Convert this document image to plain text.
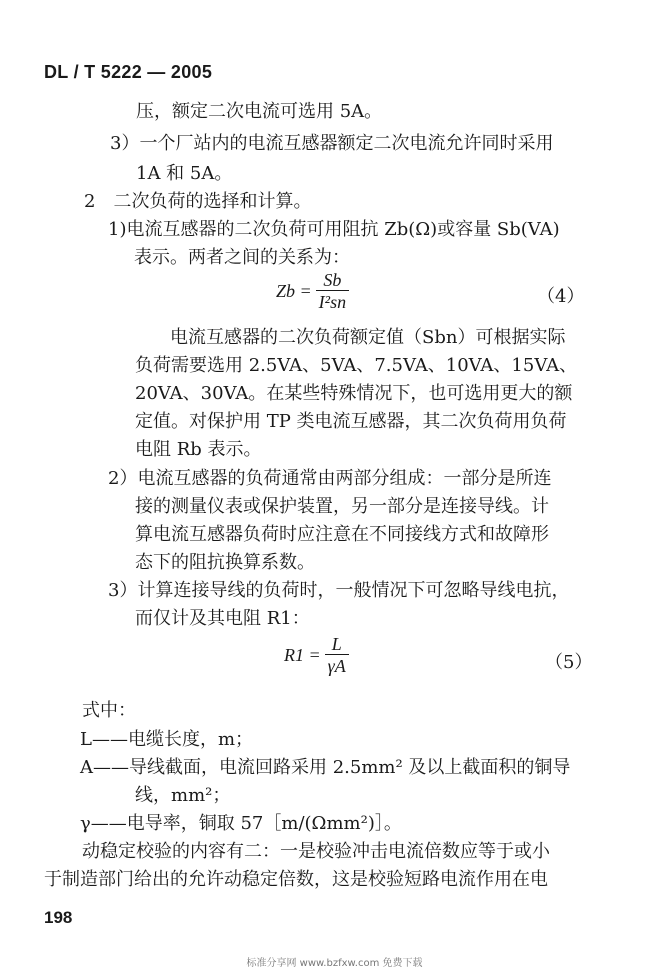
DL / T 5222 — 2005
压，额定二次电流可选用 5A。
3）一个厂站内的电流互感器额定二次电流允许同时采用
1A 和 5A。
2　二次负荷的选择和计算。
1)电流互感器的二次负荷可用阻抗 Zb(Ω)或容量 Sb(VA)
表示。两者之间的关系为：
$Zb = \frac{Sb}{\text{I²sn}}$	（4）
电流互感器的二次负荷额定值（Sbn）可根据实际
负荷需要选用 2.5VA、5VA、7.5VA、10VA、15VA、
20VA、30VA。在某些特殊情况下，也可选用更大的额
定值。对保护用 TP 类电流互感器，其二次负荷用负荷
电阻 Rb 表示。
2）电流互感器的负荷通常由两部分组成：一部分是所连
接的测量仪表或保护装置，另一部分是连接导线。计
算电流互感器负荷时应注意在不同接线方式和故障形
态下的阻抗换算系数。
3）计算连接导线的负荷时，一般情况下可忽略导线电抗，
而仅计及其电阻 R1：
$R1 = \frac{L}{\gamma A}$	（5）
式中：
L——电缆长度，m；
A——导线截面，电流回路采用 2.5mm² 及以上截面积的铜导
线，mm²；
γ——电导率，铜取 57［m/(Ωmm²)］。
动稳定校验的内容有二：一是校验冲击电流倍数应等于或小
于制造部门给出的允许动稳定倍数，这是校验短路电流作用在电
198
标准分享网 www.bzfxw.com 免费下载
